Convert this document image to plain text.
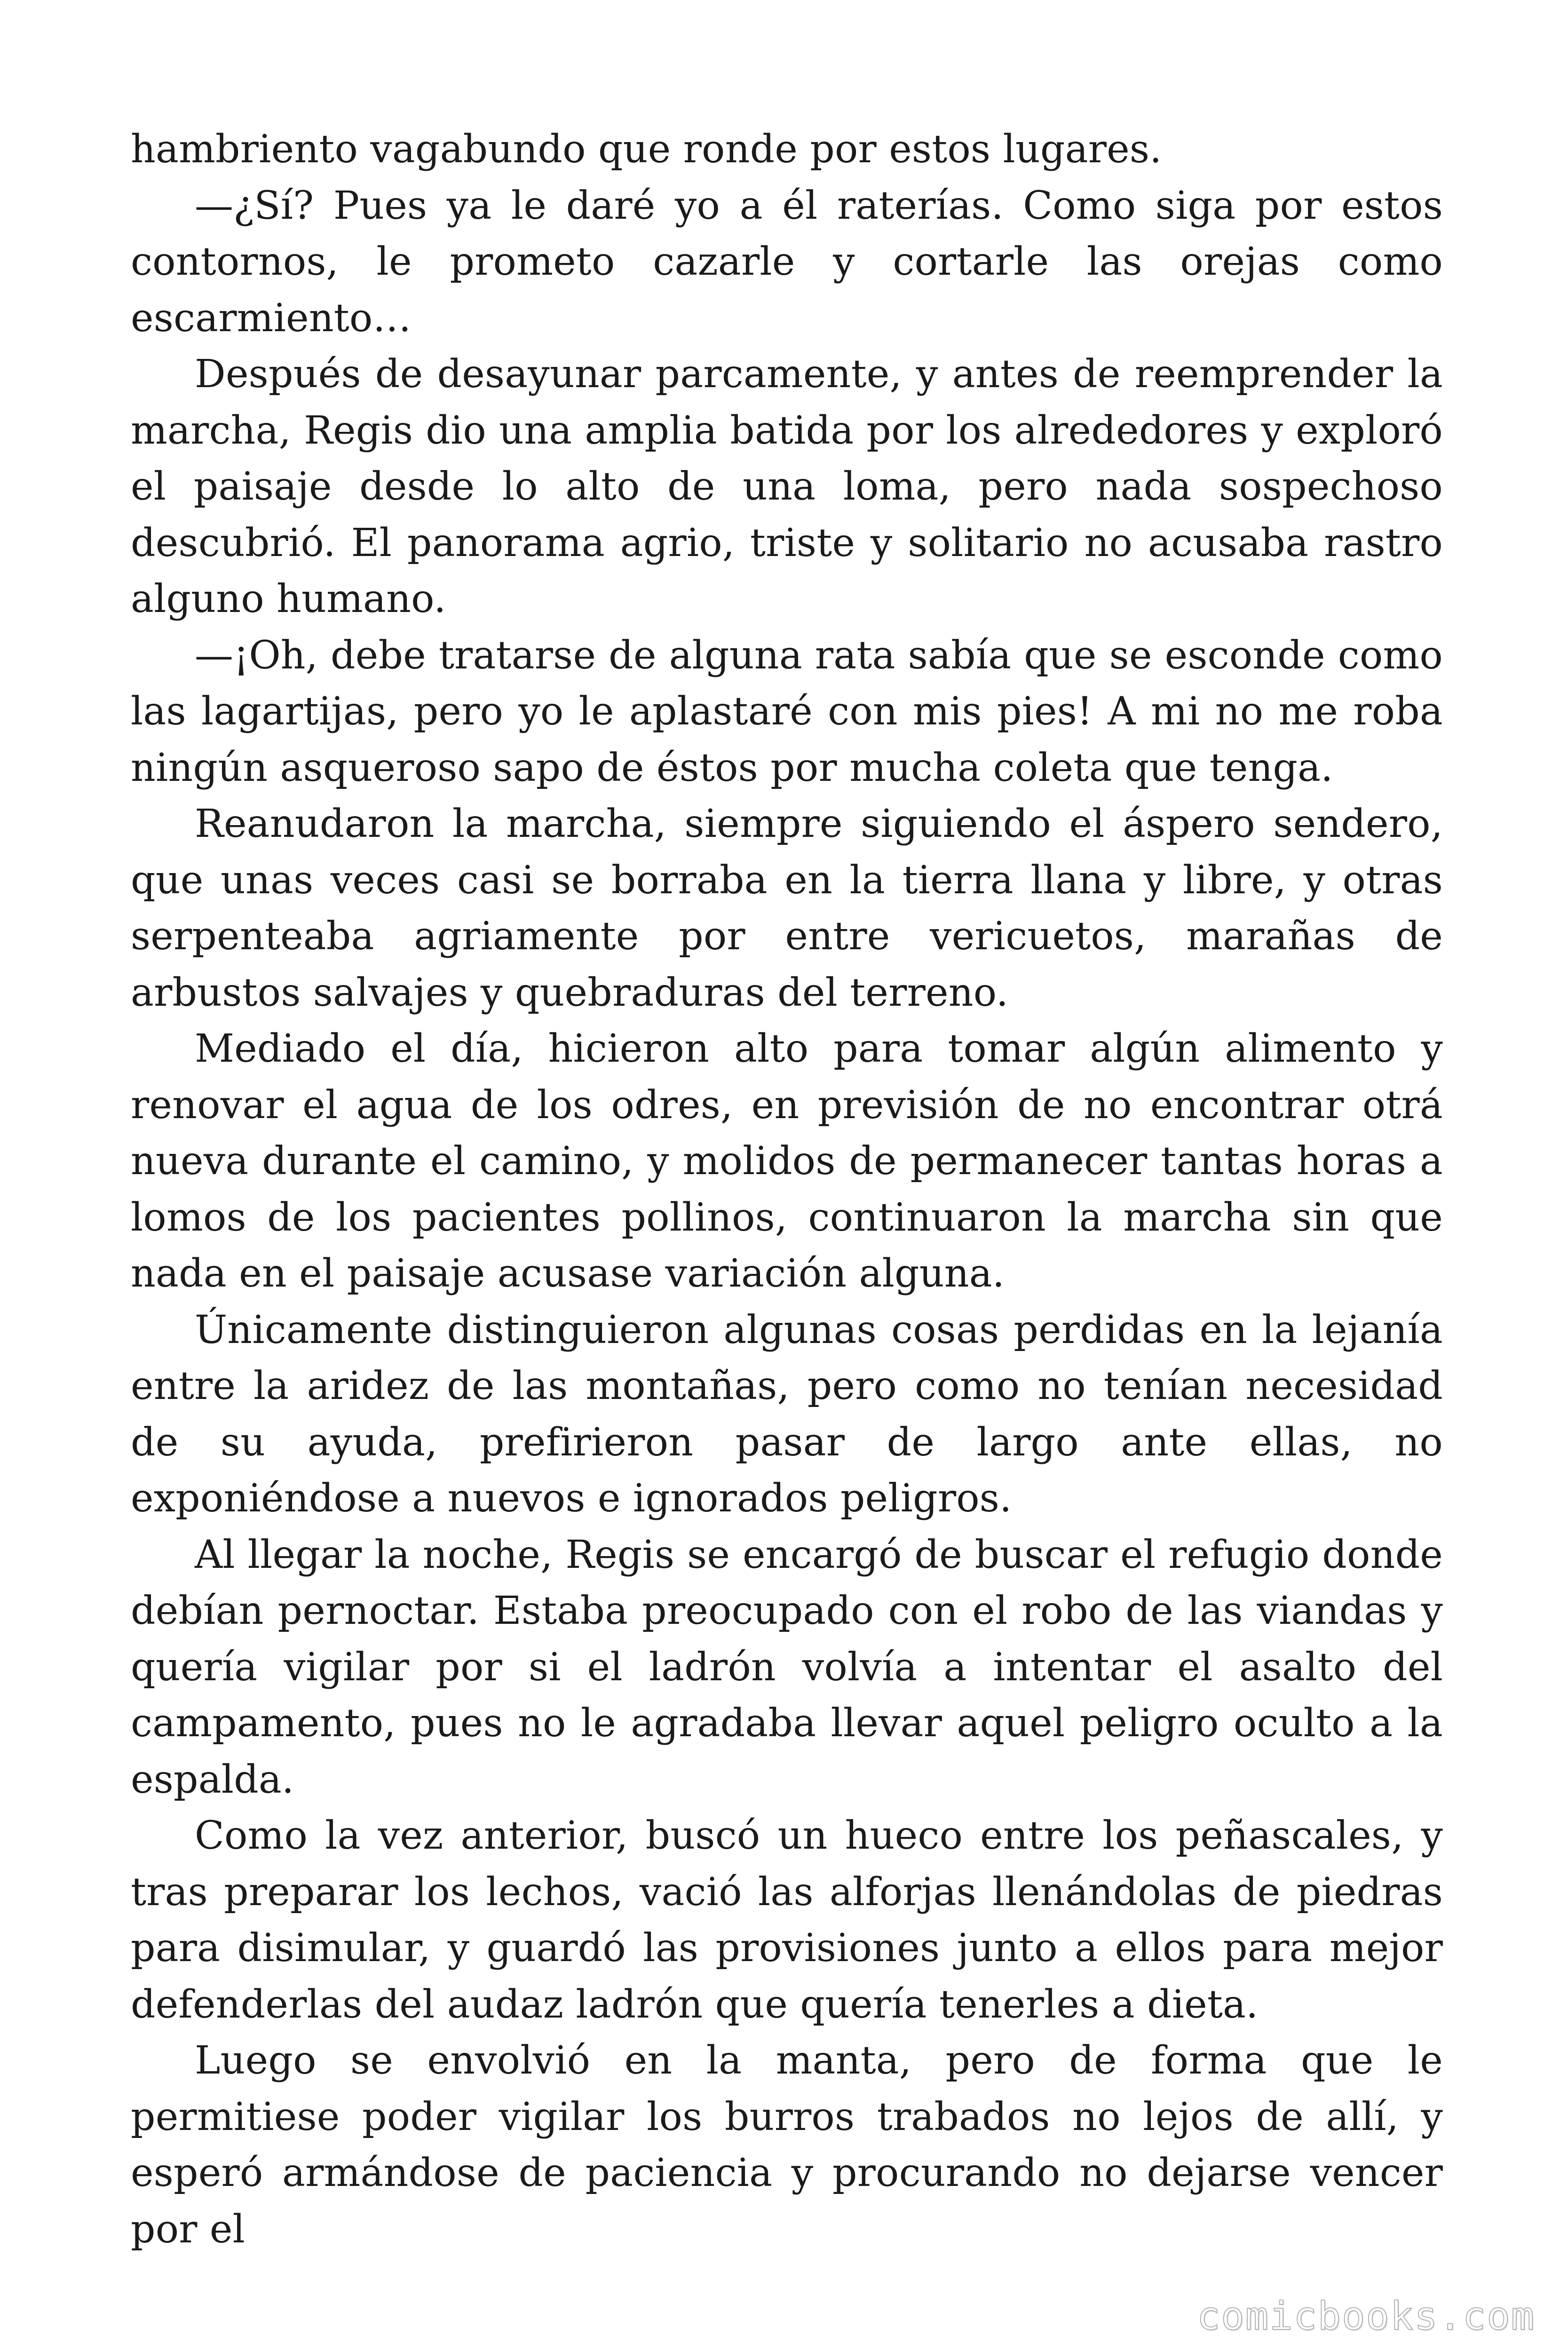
hambriento vagabundo que ronde por estos lugares.

—¿Sí? Pues ya le daré yo a él raterías. Como siga por estos contornos, le prometo cazarle y cortarle las orejas como escarmiento…

Después de desayunar parcamente, y antes de reemprender la marcha, Regis dio una amplia batida por los alrededores y exploró el paisaje desde lo alto de una loma, pero nada sospechoso descubrió. El panorama agrio, triste y solitario no acusaba rastro alguno humano.

—¡Oh, debe tratarse de alguna rata sabía que se esconde como las lagartijas, pero yo le aplastaré con mis pies! A mi no me roba ningún asqueroso sapo de éstos por mucha coleta que tenga.

Reanudaron la marcha, siempre siguiendo el áspero sendero, que unas veces casi se borraba en la tierra llana y libre, y otras serpenteaba agriamente por entre vericuetos, marañas de arbustos salvajes y quebraduras del terreno.

Mediado el día, hicieron alto para tomar algún alimento y renovar el agua de los odres, en previsión de no encontrar otrá nueva durante el camino, y molidos de permanecer tantas horas a lomos de los pacientes pollinos, continuaron la marcha sin que nada en el paisaje acusase variación alguna.

Únicamente distinguieron algunas cosas perdidas en la lejanía entre la aridez de las montañas, pero como no tenían necesidad de su ayuda, prefirieron pasar de largo ante ellas, no exponiéndose a nuevos e ignorados peligros.

Al llegar la noche, Regis se encargó de buscar el refugio donde debían pernoctar. Estaba preocupado con el robo de las viandas y quería vigilar por si el ladrón volvía a intentar el asalto del campamento, pues no le agradaba llevar aquel peligro oculto a la espalda.

Como la vez anterior, buscó un hueco entre los peñascales, y tras preparar los lechos, vació las alforjas llenándolas de piedras para disimular, y guardó las provisiones junto a ellos para mejor defenderlas del audaz ladrón que quería tenerles a dieta.

Luego se envolvió en la manta, pero de forma que le permitiese poder vigilar los burros trabados no lejos de allí, y esperó armándose de paciencia y procurando no dejarse vencer por el

comicbooks.com
